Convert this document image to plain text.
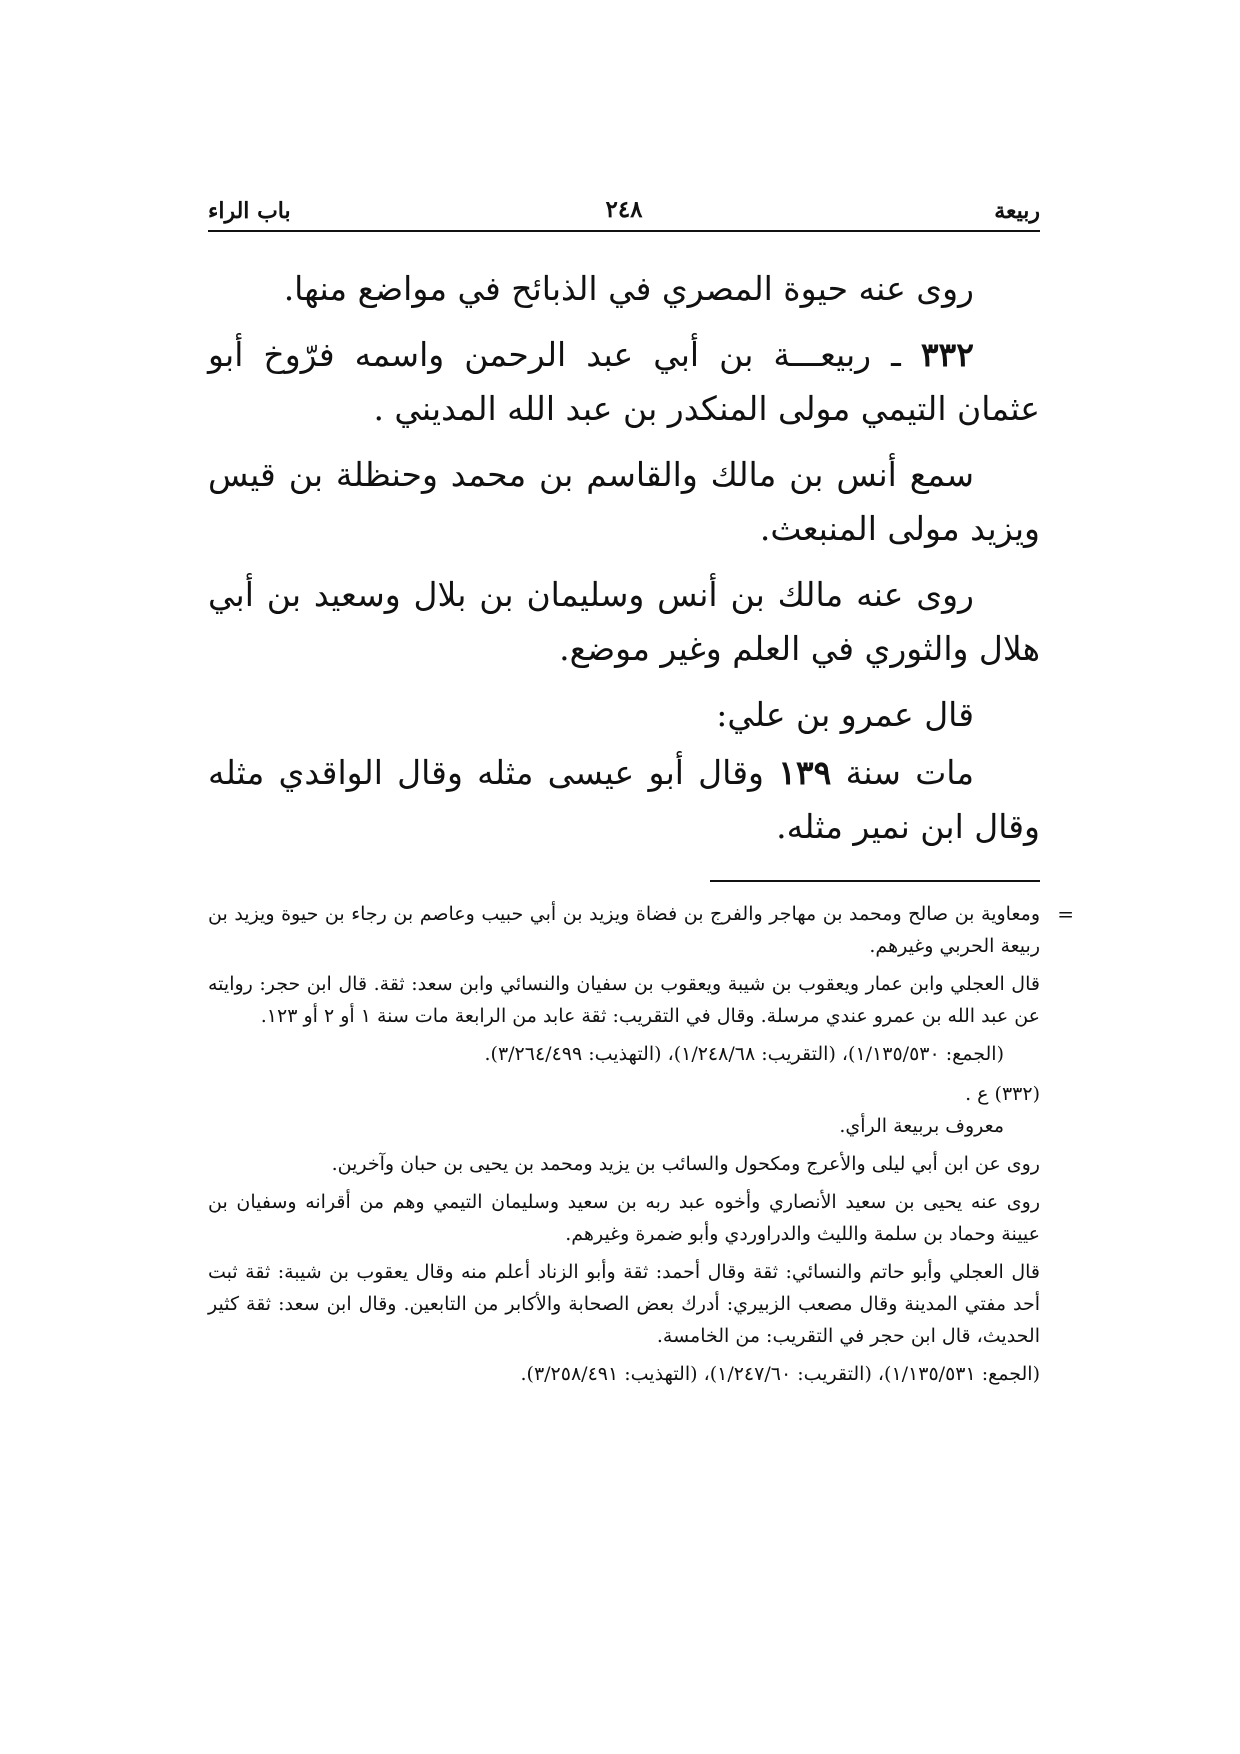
ربيعة
٢٤٨
باب الراء

روى عنه حيوة المصري في الذبائح في مواضع منها.

٣٣٢ ـ ربيعـــة بن أبي عبد الرحمن واسمه فرّوخ أبو عثمان التيمي مولى المنكدر بن عبد الله المديني .

سمع أنس بن مالك والقاسم بن محمد وحنظلة بن قيس ويزيد مولى المنبعث.

روى عنه مالك بن أنس وسليمان بن بلال وسعيد بن أبي هلال والثوري في العلم وغير موضع.

قال عمرو بن علي:

مات سنة ١٣٩ وقال أبو عيسى مثله وقال الواقدي مثله وقال ابن نمير مثله.

=
ومعاوية بن صالح ومحمد بن مهاجر والفرج بن فضاة ويزيد بن أبي حبيب وعاصم بن رجاء بن حيوة ويزيد بن ربيعة الحربي وغيرهم.

قال العجلي وابن عمار ويعقوب بن شيبة ويعقوب بن سفيان والنسائي وابن سعد: ثقة. قال ابن حجر: روايته عن عبد الله بن عمرو عندي مرسلة. وقال في التقريب: ثقة عابد من الرابعة مات سنة ١ أو ٢ أو ١٢٣.

(الجمع: ١/١٣٥/٥٣٠)، (التقريب: ١/٢٤٨/٦٨)، (التهذيب: ٣/٢٦٤/٤٩٩).

(٣٣٢) ع .

معروف بربيعة الرأي.

روى عن ابن أبي ليلى والأعرج ومكحول والسائب بن يزيد ومحمد بن يحيى بن حبان وآخرين.

روى عنه يحيى بن سعيد الأنصاري وأخوه عبد ربه بن سعيد وسليمان التيمي وهم من أقرانه وسفيان بن عيينة وحماد بن سلمة والليث والدراوردي وأبو ضمرة وغيرهم.

قال العجلي وأبو حاتم والنسائي: ثقة وقال أحمد: ثقة وأبو الزناد أعلم منه وقال يعقوب بن شيبة: ثقة ثبت أحد مفتي المدينة وقال مصعب الزبيري: أدرك بعض الصحابة والأكابر من التابعين. وقال ابن سعد: ثقة كثير الحديث، قال ابن حجر في التقريب: من الخامسة.

(الجمع: ١/١٣٥/٥٣١)، (التقريب: ١/٢٤٧/٦٠)، (التهذيب: ٣/٢٥٨/٤٩١).
